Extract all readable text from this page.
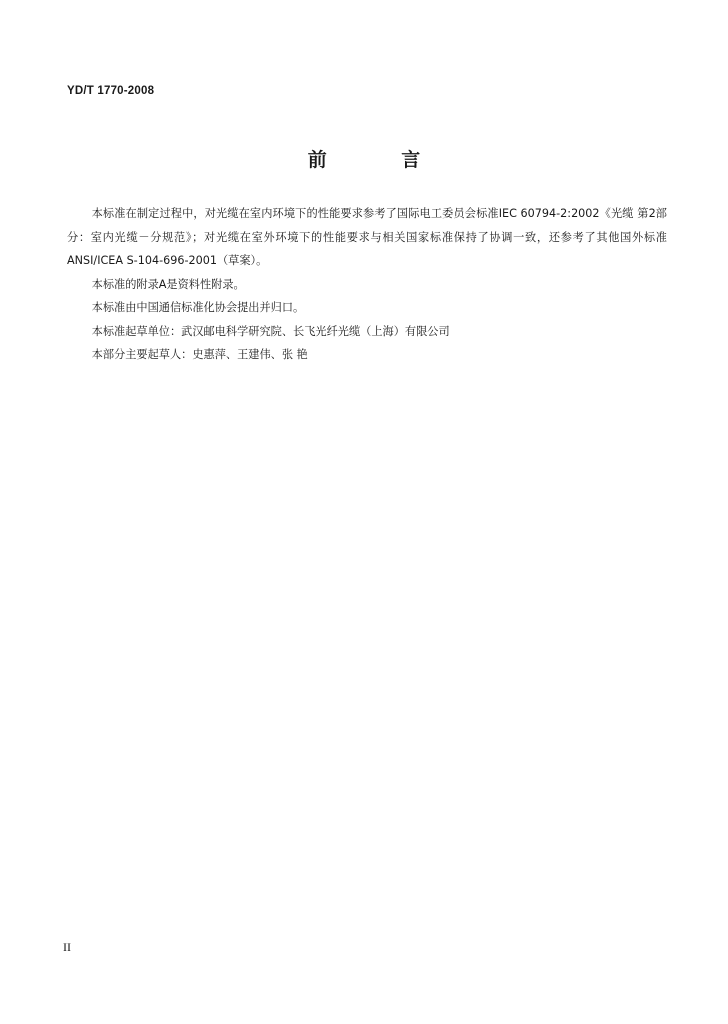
YD/T 1770-2008
前 言

本标准在制定过程中，对光缆在室内环境下的性能要求参考了国际电工委员会标准IEC 60794-2:2002《光缆 第2部分：室内光缆－分规范》；对光缆在室外环境下的性能要求与相关国家标准保持了协调一致，还参考了其他国外标准 ANSI/ICEA S-104-696-2001（草案）。

本标准的附录A是资料性附录。

本标准由中国通信标准化协会提出并归口。

本标准起草单位：武汉邮电科学研究院、长飞光纤光缆（上海）有限公司

本部分主要起草人：史惠萍、王建伟、张 艳

II
